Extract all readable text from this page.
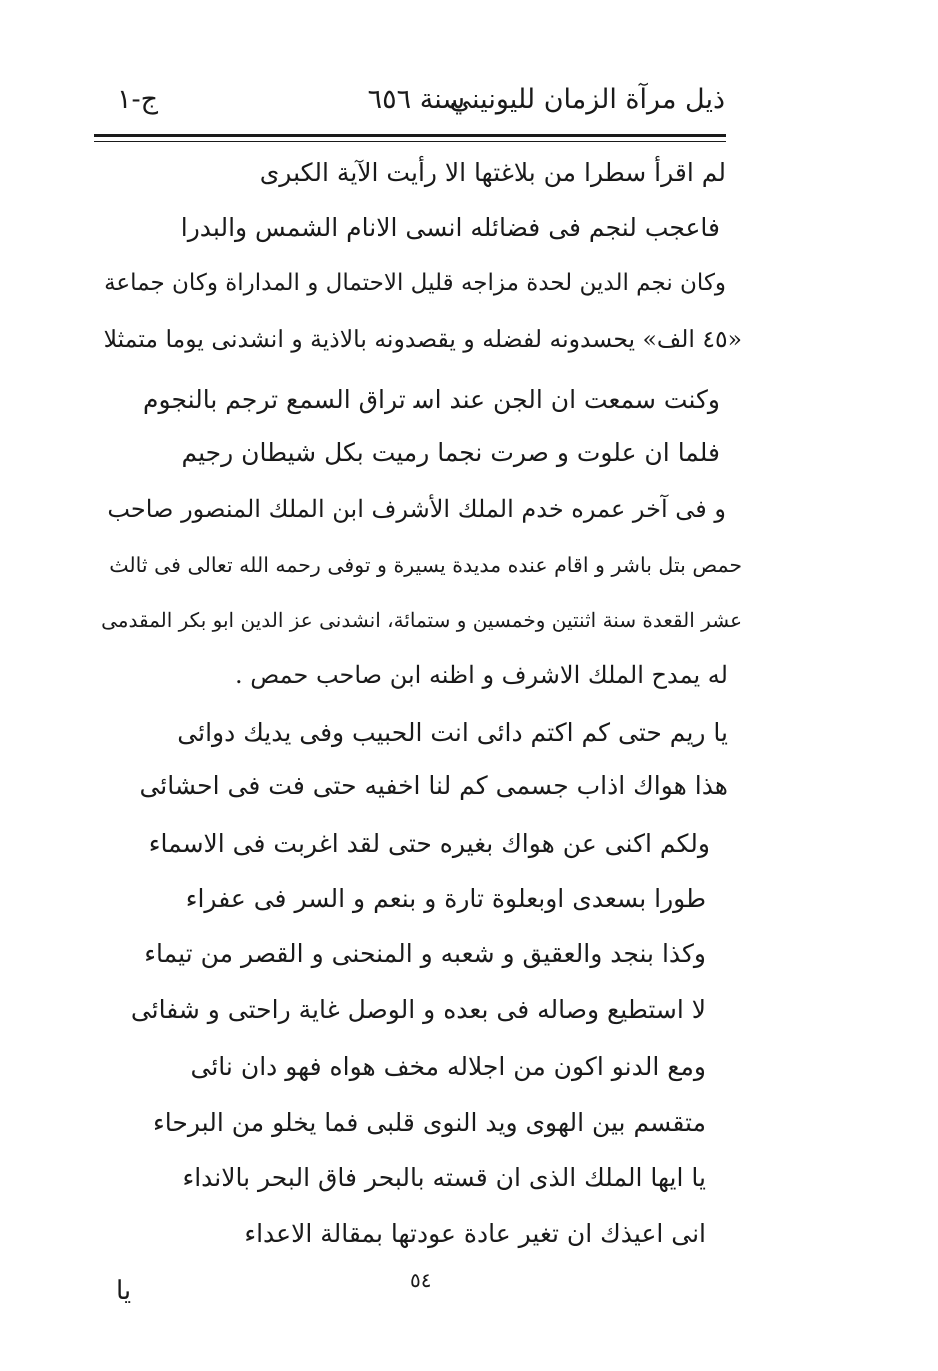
ذيل مرآة الزمان لليونيني
سنة ٦٥٦
ج-١
لم اقرأ سطرا من بلاغتها الا رأيت الآية الكبرى
فاعجب لنجم فى فضائله انسى الانام الشمس والبدرا
وكان نجم الدين لحدة مزاجه قليل الاحتمال و المداراة وكان جماعة
«٤٥ الف» يحسدونه لفضله و يقصدونه بالاذية و انشدنى يوما متمثلا
وكنت سمعت ان الجن عند اس‍ تراق السمع ترجم بالنجوم
فلما ان علوت و صرت نجما رميت بكل شيطان رجيم
و فى آخر عمره خدم الملك الأشرف ابن الملك المنصور صاحب
حمص بتل باشر و اقام عنده مديدة يسيرة و توفى رحمه الله تعالى فى ثالث
عشر القعدة سنة اثنتين وخمسين و ستمائة، انشدنى عز الدين ابو بكر المقدمى
له يمدح الملك الاشرف و اظنه ابن صاحب حمص .
يا ريم حتى كم اكتم دائى انت الحبيب وفى يديك دوائى
هذا هواك اذاب جسمى كم لنا اخفيه حتى فت فى احشائى
ولكم اكنى عن هواك بغيره حتى لقد اغربت فى الاسماء
طورا بسعدى اوبعلوة تارة و بنعم و السر فى عفراء
وكذا بنجد والعقيق و شعبه و المنحنى و القصر من تيماء
لا استطيع وصاله فى بعده و الوصل غاية راحتى و شفائى
ومع الدنو اكون من اجلاله مخف هواه فهو دان نائى
متقسم بين الهوى ويد النوى قلبى فما يخلو من البرحاء
يا ايها الملك الذى ان قسته بالبحر فاق البحر بالانداء
انى اعيذك ان تغير عادة عودتها بمقالة الاعداء
٥٤
يا
